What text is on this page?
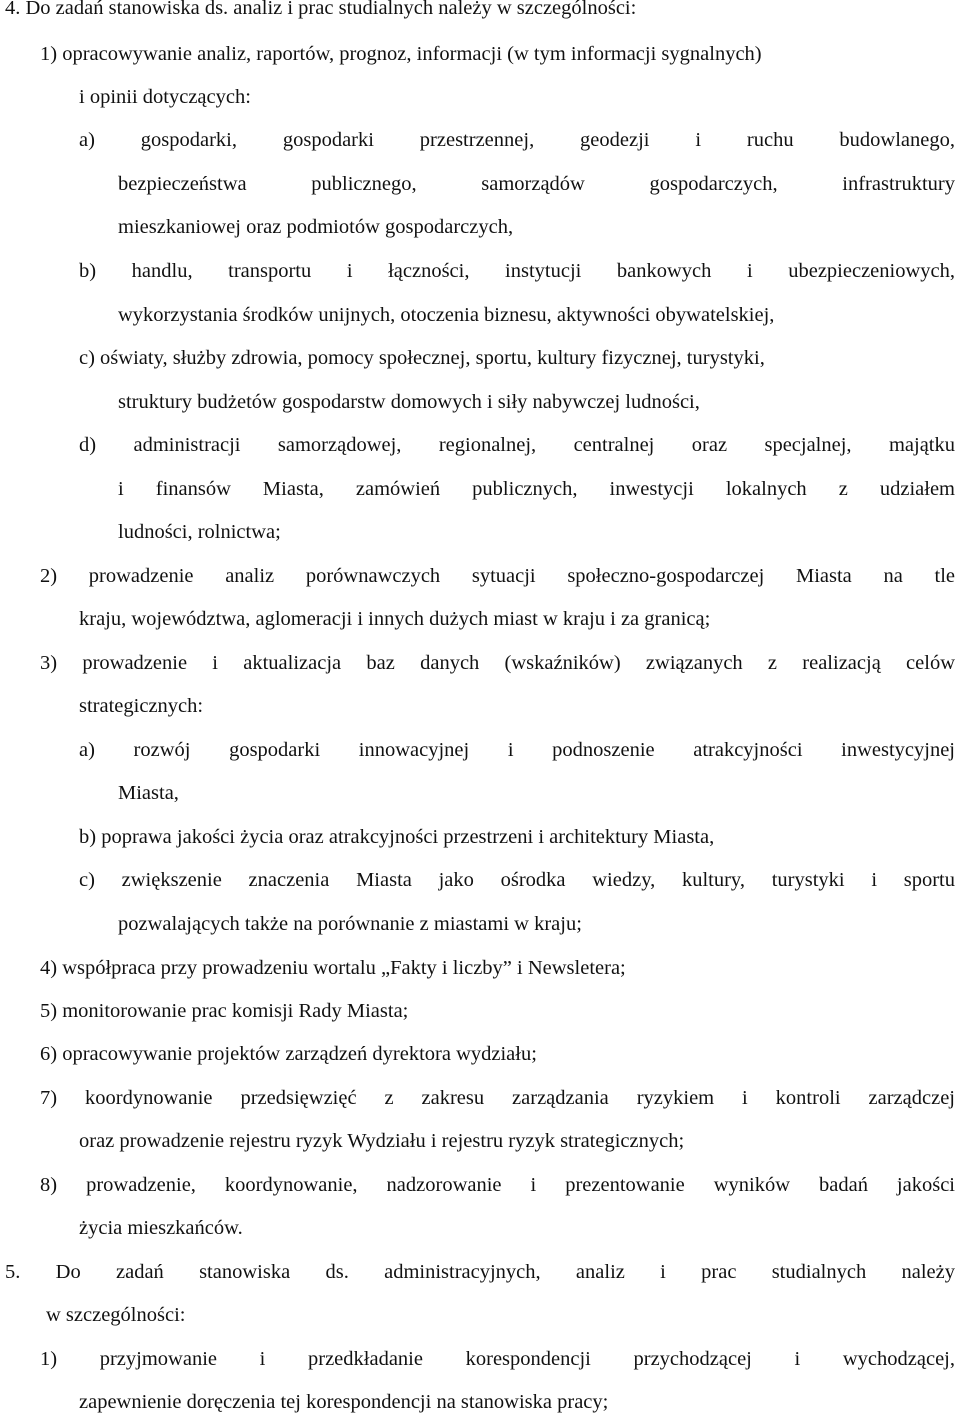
4. Do zadań stanowiska ds. analiz i prac studialnych należy w szczególności:
1) opracowywanie analiz, raportów, prognoz, informacji (w tym informacji sygnalnych)
i opinii dotyczących:
a) gospodarki, gospodarki przestrzennej, geodezji i ruchu budowlanego,
bezpieczeństwa publicznego, samorządów gospodarczych, infrastruktury
mieszkaniowej oraz podmiotów gospodarczych,
b) handlu, transportu i łączności, instytucji bankowych i ubezpieczeniowych,
wykorzystania środków unijnych, otoczenia biznesu, aktywności obywatelskiej,
c) oświaty, służby zdrowia, pomocy społecznej, sportu, kultury fizycznej, turystyki,
struktury budżetów gospodarstw domowych i siły nabywczej ludności,
d) administracji samorządowej, regionalnej, centralnej oraz specjalnej, majątku
i finansów Miasta, zamówień publicznych, inwestycji lokalnych z udziałem
ludności, rolnictwa;
2) prowadzenie analiz porównawczych sytuacji społeczno-gospodarczej Miasta na tle
kraju, województwa, aglomeracji i innych dużych miast w kraju i za granicą;
3) prowadzenie i aktualizacja baz danych (wskaźników) związanych z realizacją celów
strategicznych:
a) rozwój gospodarki innowacyjnej i podnoszenie atrakcyjności inwestycyjnej
Miasta,
b) poprawa jakości życia oraz atrakcyjności przestrzeni i architektury Miasta,
c) zwiększenie znaczenia Miasta jako ośrodka wiedzy, kultury, turystyki i sportu
pozwalających także na porównanie z miastami w kraju;
4) współpraca przy prowadzeniu wortalu „Fakty i liczby” i Newsletera;
5) monitorowanie prac komisji Rady Miasta;
6) opracowywanie projektów zarządzeń dyrektora wydziału;
7) koordynowanie przedsięwzięć z zakresu zarządzania ryzykiem i kontroli zarządczej
oraz prowadzenie rejestru ryzyk Wydziału i rejestru ryzyk strategicznych;
8) prowadzenie, koordynowanie, nadzorowanie i prezentowanie wyników badań jakości
życia mieszkańców.
5. Do zadań stanowiska ds. administracyjnych, analiz i prac studialnych należy
w szczególności:
1) przyjmowanie i przedkładanie korespondencji przychodzącej i wychodzącej,
zapewnienie doręczenia tej korespondencji na stanowiska pracy;
